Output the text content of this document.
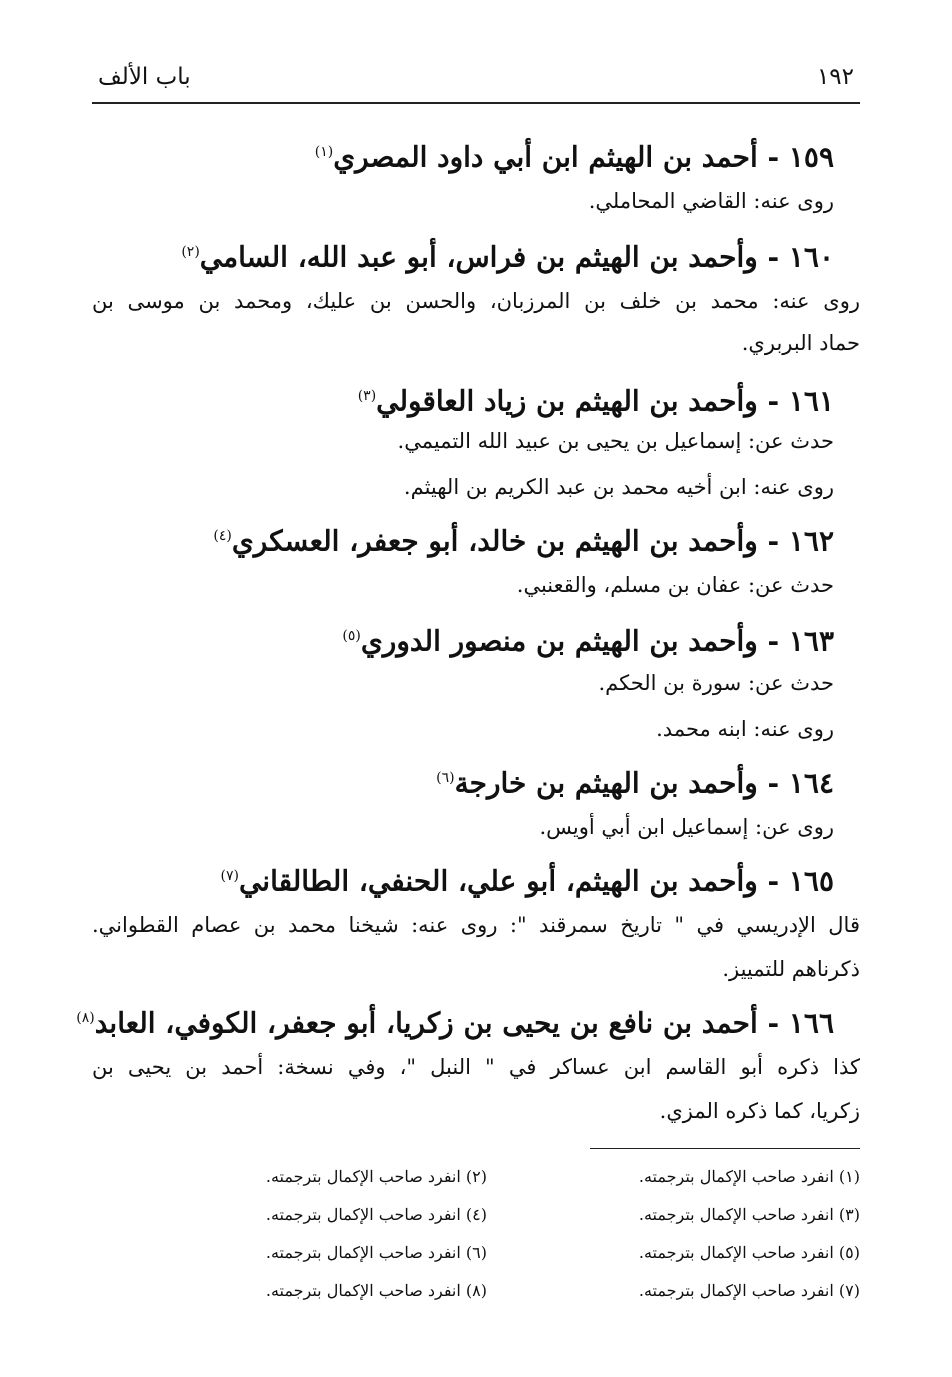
١٩٢
باب الألف
١٥٩ - أحمد بن الهيثم ابن أبي داود المصري$^{(١)}$
روى عنه: القاضي المحاملي.
١٦٠ - وأحمد بن الهيثم بن فراس، أبو عبد الله، السامي$^{(٢)}$
روى عنه: محمد بن خلف بن المرزبان، والحسن بن عليك، ومحمد بن موسى بن
حماد البربري.
١٦١ - وأحمد بن الهيثم بن زياد العاقولي$^{(٣)}$
حدث عن: إسماعيل بن يحيى بن عبيد الله التميمي.
روى عنه: ابن أخيه محمد بن عبد الكريم بن الهيثم.
١٦٢ - وأحمد بن الهيثم بن خالد، أبو جعفر، العسكري$^{(٤)}$
حدث عن: عفان بن مسلم، والقعنبي.
١٦٣ - وأحمد بن الهيثم بن منصور الدوري$^{(٥)}$
حدث عن: سورة بن الحكم.
روى عنه: ابنه محمد.
١٦٤ - وأحمد بن الهيثم بن خارجة$^{(٦)}$
روى عن: إسماعيل ابن أبي أويس.
١٦٥ - وأحمد بن الهيثم، أبو علي، الحنفي، الطالقاني$^{(٧)}$
قال الإدريسي في " تاريخ سمرقند ": روى عنه: شيخنا محمد بن عصام القطواني.
ذكرناهم للتمييز.
١٦٦ - أحمد بن نافع بن يحيى بن زكريا، أبو جعفر، الكوفي، العابد$^{(٨)}$
كذا ذكره أبو القاسم ابن عساكر في " النبل "، وفي نسخة: أحمد بن يحيى بن
زكريا، كما ذكره المزي.
(١) انفرد صاحب الإكمال بترجمته.
(٢) انفرد صاحب الإكمال بترجمته.
(٣) انفرد صاحب الإكمال بترجمته.
(٤) انفرد صاحب الإكمال بترجمته.
(٥) انفرد صاحب الإكمال بترجمته.
(٦) انفرد صاحب الإكمال بترجمته.
(٧) انفرد صاحب الإكمال بترجمته.
(٨) انفرد صاحب الإكمال بترجمته.
